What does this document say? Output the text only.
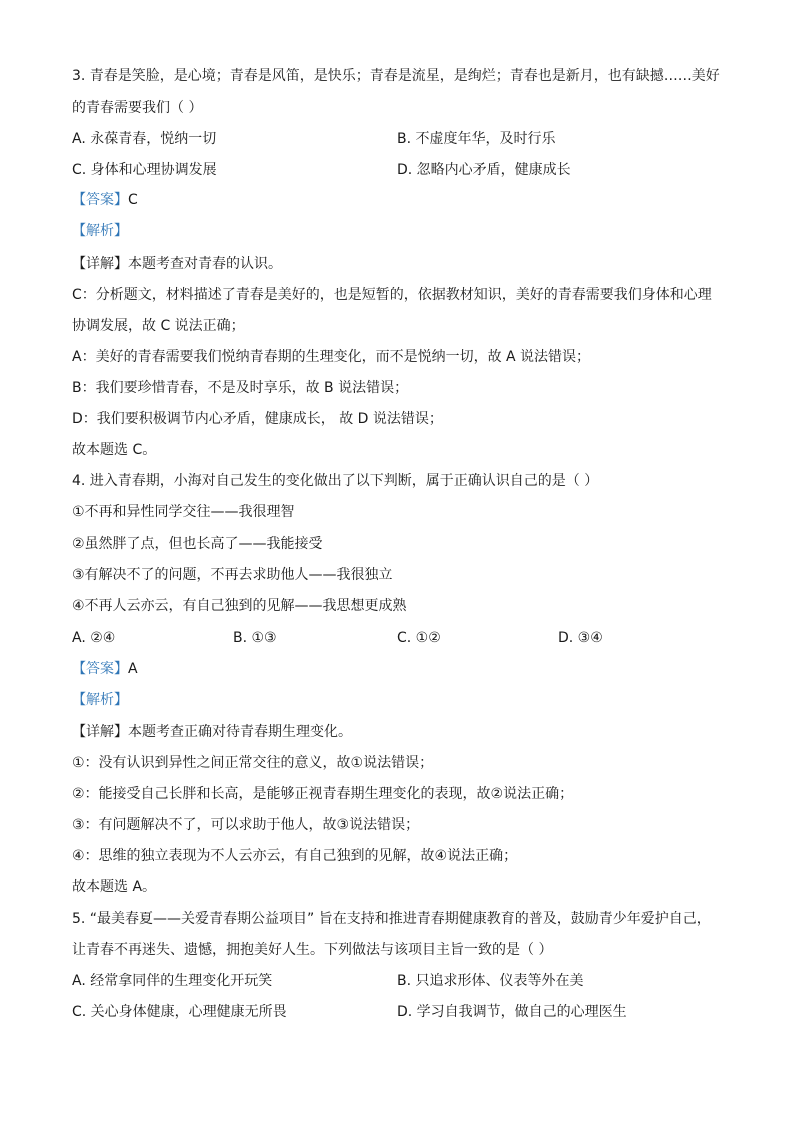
3. 青春是笑脸，是心境；青春是风笛，是快乐；青春是流星，是绚烂；青春也是新月，也有缺撼……美好
的青春需要我们（ ）
A. 永葆青春，悦纳一切	B. 不虚度年华，及时行乐
C. 身体和心理协调发展	D. 忽略内心矛盾，健康成长
【答案】C
【解析】
【详解】本题考查对青春的认识。
C：分析题文，材料描述了青春是美好的，也是短暂的，依据教材知识，美好的青春需要我们身体和心理
协调发展，故 C 说法正确；
A：美好的青春需要我们悦纳青春期的生理变化，而不是悦纳一切，故 A 说法错误；
B：我们要珍惜青春，不是及时享乐，故 B 说法错误；
D：我们要积极调节内心矛盾，健康成长， 故 D 说法错误；
故本题选 C。
4. 进入青春期，小海对自己发生的变化做出了以下判断，属于正确认识自己的是（ ）
①不再和异性同学交往——我很理智
②虽然胖了点，但也长高了——我能接受
③有解决不了的问题，不再去求助他人——我很独立
④不再人云亦云，有自己独到的见解——我思想更成熟
A. ②④	B. ①③	C. ①②	D. ③④
【答案】A
【解析】
【详解】本题考查正确对待青春期生理变化。
①：没有认识到异性之间正常交往的意义，故①说法错误；
②：能接受自己长胖和长高，是能够正视青春期生理变化的表现，故②说法正确；
③：有问题解决不了，可以求助于他人，故③说法错误；
④：思维的独立表现为不人云亦云，有自己独到的见解，故④说法正确；
故本题选 A。
5. “最美春夏——关爱青春期公益项目” 旨在支持和推进青春期健康教育的普及，鼓励青少年爱护自己，
让青春不再迷失、遗憾，拥抱美好人生。下列做法与该项目主旨一致的是（ ）
A. 经常拿同伴的生理变化开玩笑	B. 只追求形体、仪表等外在美
C. 关心身体健康，心理健康无所畏	D. 学习自我调节，做自己的心理医生
